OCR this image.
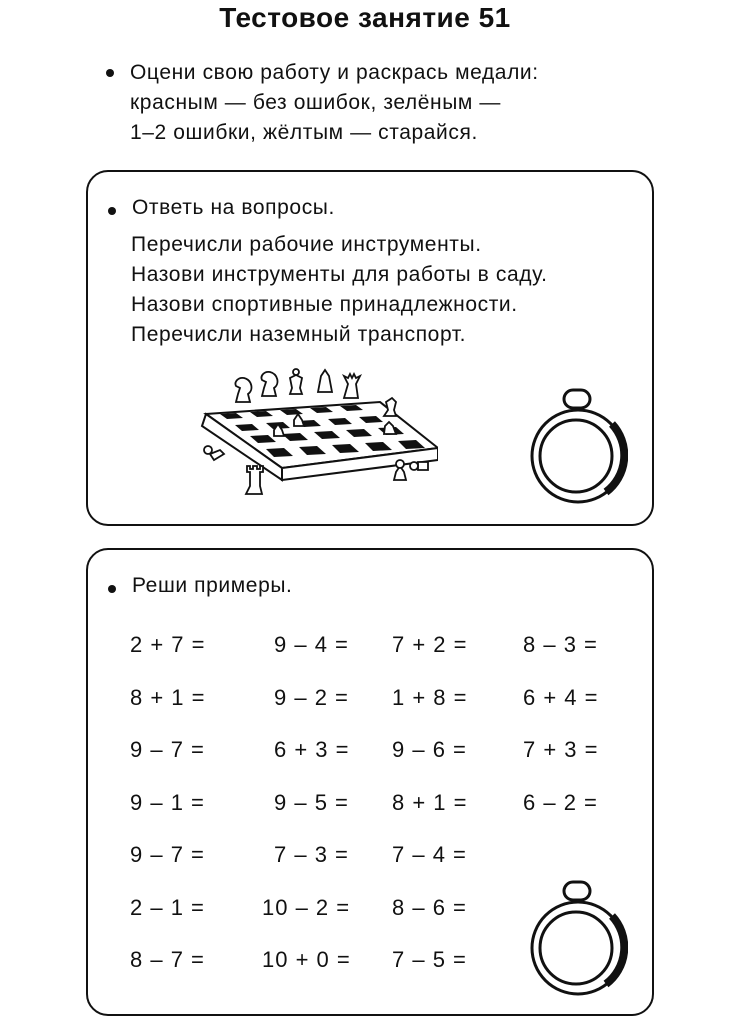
Тестовое занятие 51
Оцени свою работу и раскрась медали:
красным — без ошибок, зелёным —
1–2 ошибки, жёлтым — старайся.
Ответь на вопросы.
Перечисли рабочие инструменты.
Назови инструменты для работы в саду.
Назови спортивные принадлежности.
Перечисли наземный транспорт.
Реши примеры.
2 + 7 =
8 + 1 =
9 – 7 =
9 – 1 =
9 – 7 =
2 – 1 =
8 – 7 =
9 – 4 =
9 – 2 =
6 + 3 =
9 – 5 =
7 – 3 =
10 – 2 =
10 + 0 =
7 + 2 =
1 + 8 =
9 – 6 =
8 + 1 =
7 – 4 =
8 – 6 =
7 – 5 =
8 – 3 =
6 + 4 =
7 + 3 =
6 – 2 =
